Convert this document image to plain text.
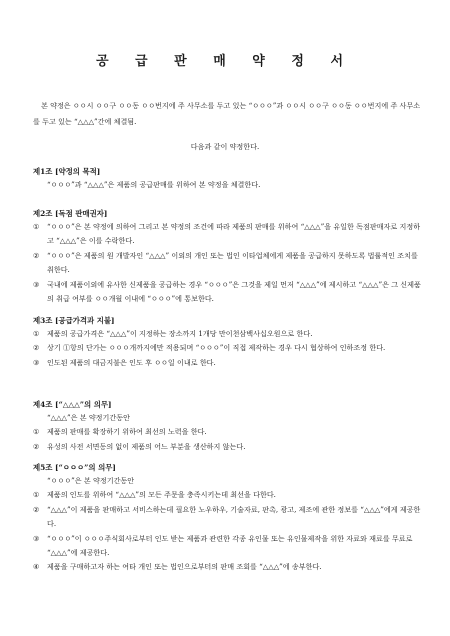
공 급 판 매 약 정 서
본 약정은 ㅇㅇ시 ㅇㅇ구 ㅇㅇ동 ㅇㅇ번지에 주 사무소를 두고 있는 “ㅇㅇㅇ”과 ㅇㅇ시 ㅇㅇ구 ㅇㅇ동 ㅇㅇ번지에 주 사무소를 두고 있는 “△△△”간에 체결됨.
다음과 같이 약정한다.
제1조 [약정의 목적]
“ㅇㅇㅇ”과 “△△△”은 제품의 공급판매를 위하여 본 약정을 체결한다.
제2조 [독점 판매권자]
①	“ㅇㅇㅇ”은 본 약정에 의하여 그리고 본 약정의 조건에 따라 제품의 판매를 위하여 “△△△”을 유일한 독점판매자로 지정하고 “△△△”은 이를 수락한다.
②	“ㅇㅇㅇ”은 제품의 원 개발자인 “△△△” 이외의 개인 또는 법인 이타업체에게 제품을 공급하지 못하도록 법률적인 조치를 취한다.
③	국내에 제품이외에 유사한 신제품을 공급하는 경우 “ㅇㅇㅇ”은 그것을 제일 먼저 “△△△”에 제시하고 “△△△”은 그 신제품의 취급 여부를 ㅇㅇ개월 이내에 “ㅇㅇㅇ”에 통보한다.
제3조 [공급가격과 지불]
①	제품의 공급가격은 “△△△”이 지정하는 장소까지 1개당 만이천삼백사십오원으로 한다.
②	상기 ①항의 단가는 ㅇㅇㅇ개까지에만 적용되며 “ㅇㅇㅇ”이 직접 제작하는 경우 다시 협상하여 인하조정 한다.
③	인도된 제품의 대금지불은 인도 후 ㅇㅇ일 이내로 한다.
제4조 [“△△△”의 의무]
“△△△”은 본 약정기간동안
①	제품의 판매를 확장하기 위하여 최선의 노력을 한다.
②	유성의 사전 서면동의 없이 제품의 어느 부분을 생산하지 않는다.
제5조 [“ㅇㅇㅇ”의 의무]
“ㅇㅇㅇ”은 본 약정기간동안
①	제품의 인도를 위하여 “△△△”의 모든 주문을 충족시키는데 최선을 다한다.
②	“△△△”이 제품을 판매하고 서비스하는데 필요한 노우하우, 기술자료, 판촉, 광고, 제조에 관한 정보를 “△△△”에게 제공한다.
③	“ㅇㅇㅇ”이 ㅇㅇㅇ주식회사로부터 인도 받는 제품과 관련한 각종 유인물 또는 유인물제작을 위한 자료와 재료를 무료로 “△△△”에 제공한다.
④	제품을 구매하고자 하는 여타 개인 또는 법인으로부터의 판매 조회를 “△△△”에 송부한다.
